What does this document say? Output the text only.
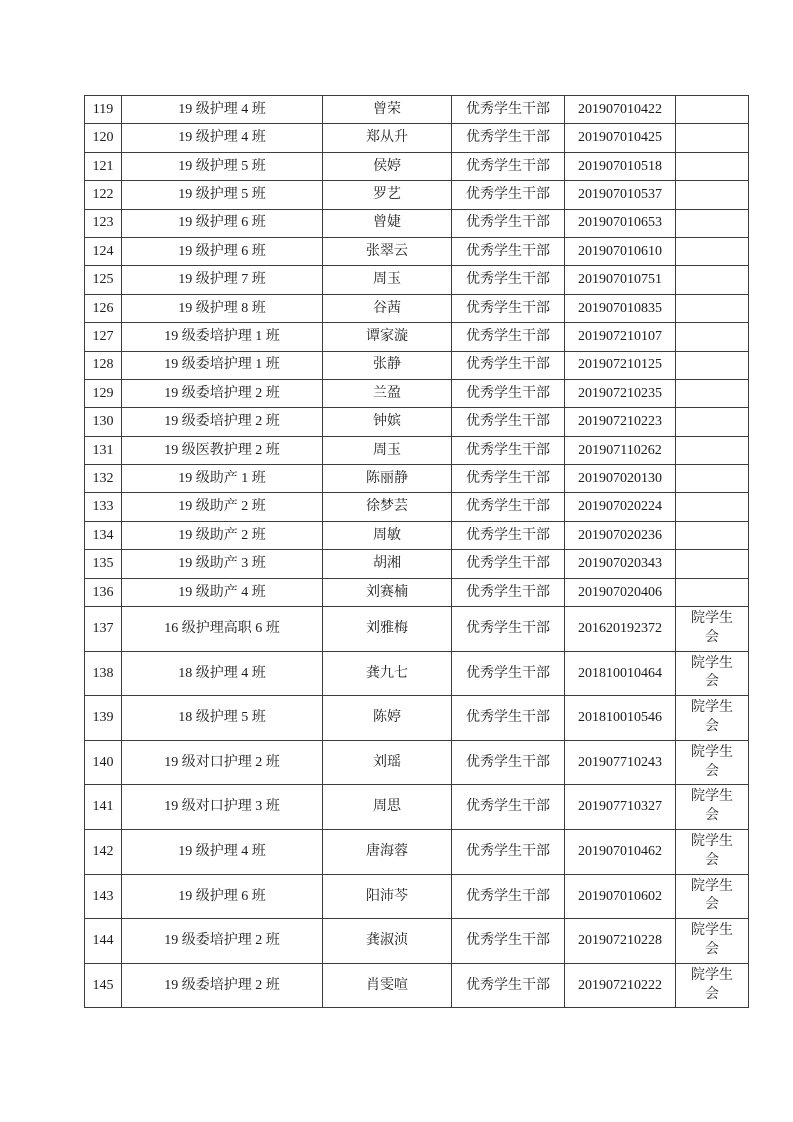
119	19 级护理 4 班	曾荣	优秀学生干部	201907010422	
120	19 级护理 4 班	郑从升	优秀学生干部	201907010425	
121	19 级护理 5 班	侯婷	优秀学生干部	201907010518	
122	19 级护理 5 班	罗艺	优秀学生干部	201907010537	
123	19 级护理 6 班	曾婕	优秀学生干部	201907010653	
124	19 级护理 6 班	张翠云	优秀学生干部	201907010610	
125	19 级护理 7 班	周玉	优秀学生干部	201907010751	
126	19 级护理 8 班	谷茜	优秀学生干部	201907010835	
127	19 级委培护理 1 班	谭家漩	优秀学生干部	201907210107	
128	19 级委培护理 1 班	张静	优秀学生干部	201907210125	
129	19 级委培护理 2 班	兰盈	优秀学生干部	201907210235	
130	19 级委培护理 2 班	钟嫔	优秀学生干部	201907210223	
131	19 级医教护理 2 班	周玉	优秀学生干部	201907110262	
132	19 级助产 1 班	陈丽静	优秀学生干部	201907020130	
133	19 级助产 2 班	徐梦芸	优秀学生干部	201907020224	
134	19 级助产 2 班	周敏	优秀学生干部	201907020236	
135	19 级助产 3 班	胡湘	优秀学生干部	201907020343	
136	19 级助产 4 班	刘赛楠	优秀学生干部	201907020406	
137	16 级护理高职 6 班	刘雅梅	优秀学生干部	201620192372	院学生会
138	18 级护理 4 班	龚九七	优秀学生干部	201810010464	院学生会
139	18 级护理 5 班	陈婷	优秀学生干部	201810010546	院学生会
140	19 级对口护理 2 班	刘瑶	优秀学生干部	201907710243	院学生会
141	19 级对口护理 3 班	周思	优秀学生干部	201907710327	院学生会
142	19 级护理 4 班	唐海蓉	优秀学生干部	201907010462	院学生会
143	19 级护理 6 班	阳沛芩	优秀学生干部	201907010602	院学生会
144	19 级委培护理 2 班	龚淑浈	优秀学生干部	201907210228	院学生会
145	19 级委培护理 2 班	肖雯喧	优秀学生干部	201907210222	院学生会
